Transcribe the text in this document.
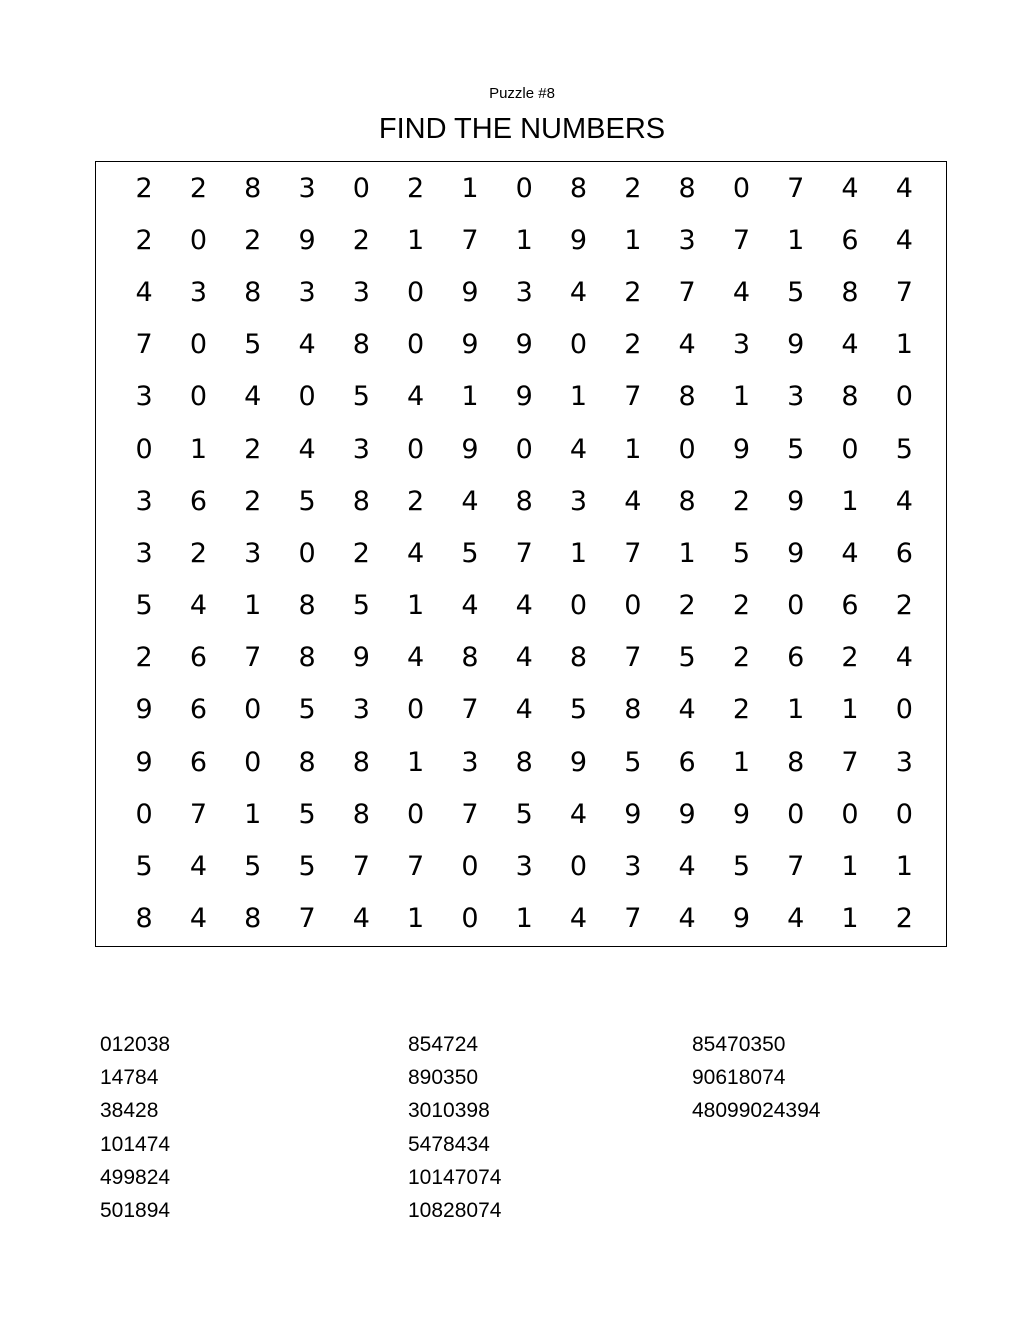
Puzzle #8
FIND THE NUMBERS
2	2	8	3	0	2	1	0	8	2	8	0	7	4	4
2	0	2	9	2	1	7	1	9	1	3	7	1	6	4
4	3	8	3	3	0	9	3	4	2	7	4	5	8	7
7	0	5	4	8	0	9	9	0	2	4	3	9	4	1
3	0	4	0	5	4	1	9	1	7	8	1	3	8	0
0	1	2	4	3	0	9	0	4	1	0	9	5	0	5
3	6	2	5	8	2	4	8	3	4	8	2	9	1	4
3	2	3	0	2	4	5	7	1	7	1	5	9	4	6
5	4	1	8	5	1	4	4	0	0	2	2	0	6	2
2	6	7	8	9	4	8	4	8	7	5	2	6	2	4
9	6	0	5	3	0	7	4	5	8	4	2	1	1	0
9	6	0	8	8	1	3	8	9	5	6	1	8	7	3
0	7	1	5	8	0	7	5	4	9	9	9	0	0	0
5	4	5	5	7	7	0	3	0	3	4	5	7	1	1
8	4	8	7	4	1	0	1	4	7	4	9	4	1	2
012038
14784
38428
101474
499824
501894
854724
890350
3010398
5478434
10147074
10828074
85470350
90618074
48099024394
